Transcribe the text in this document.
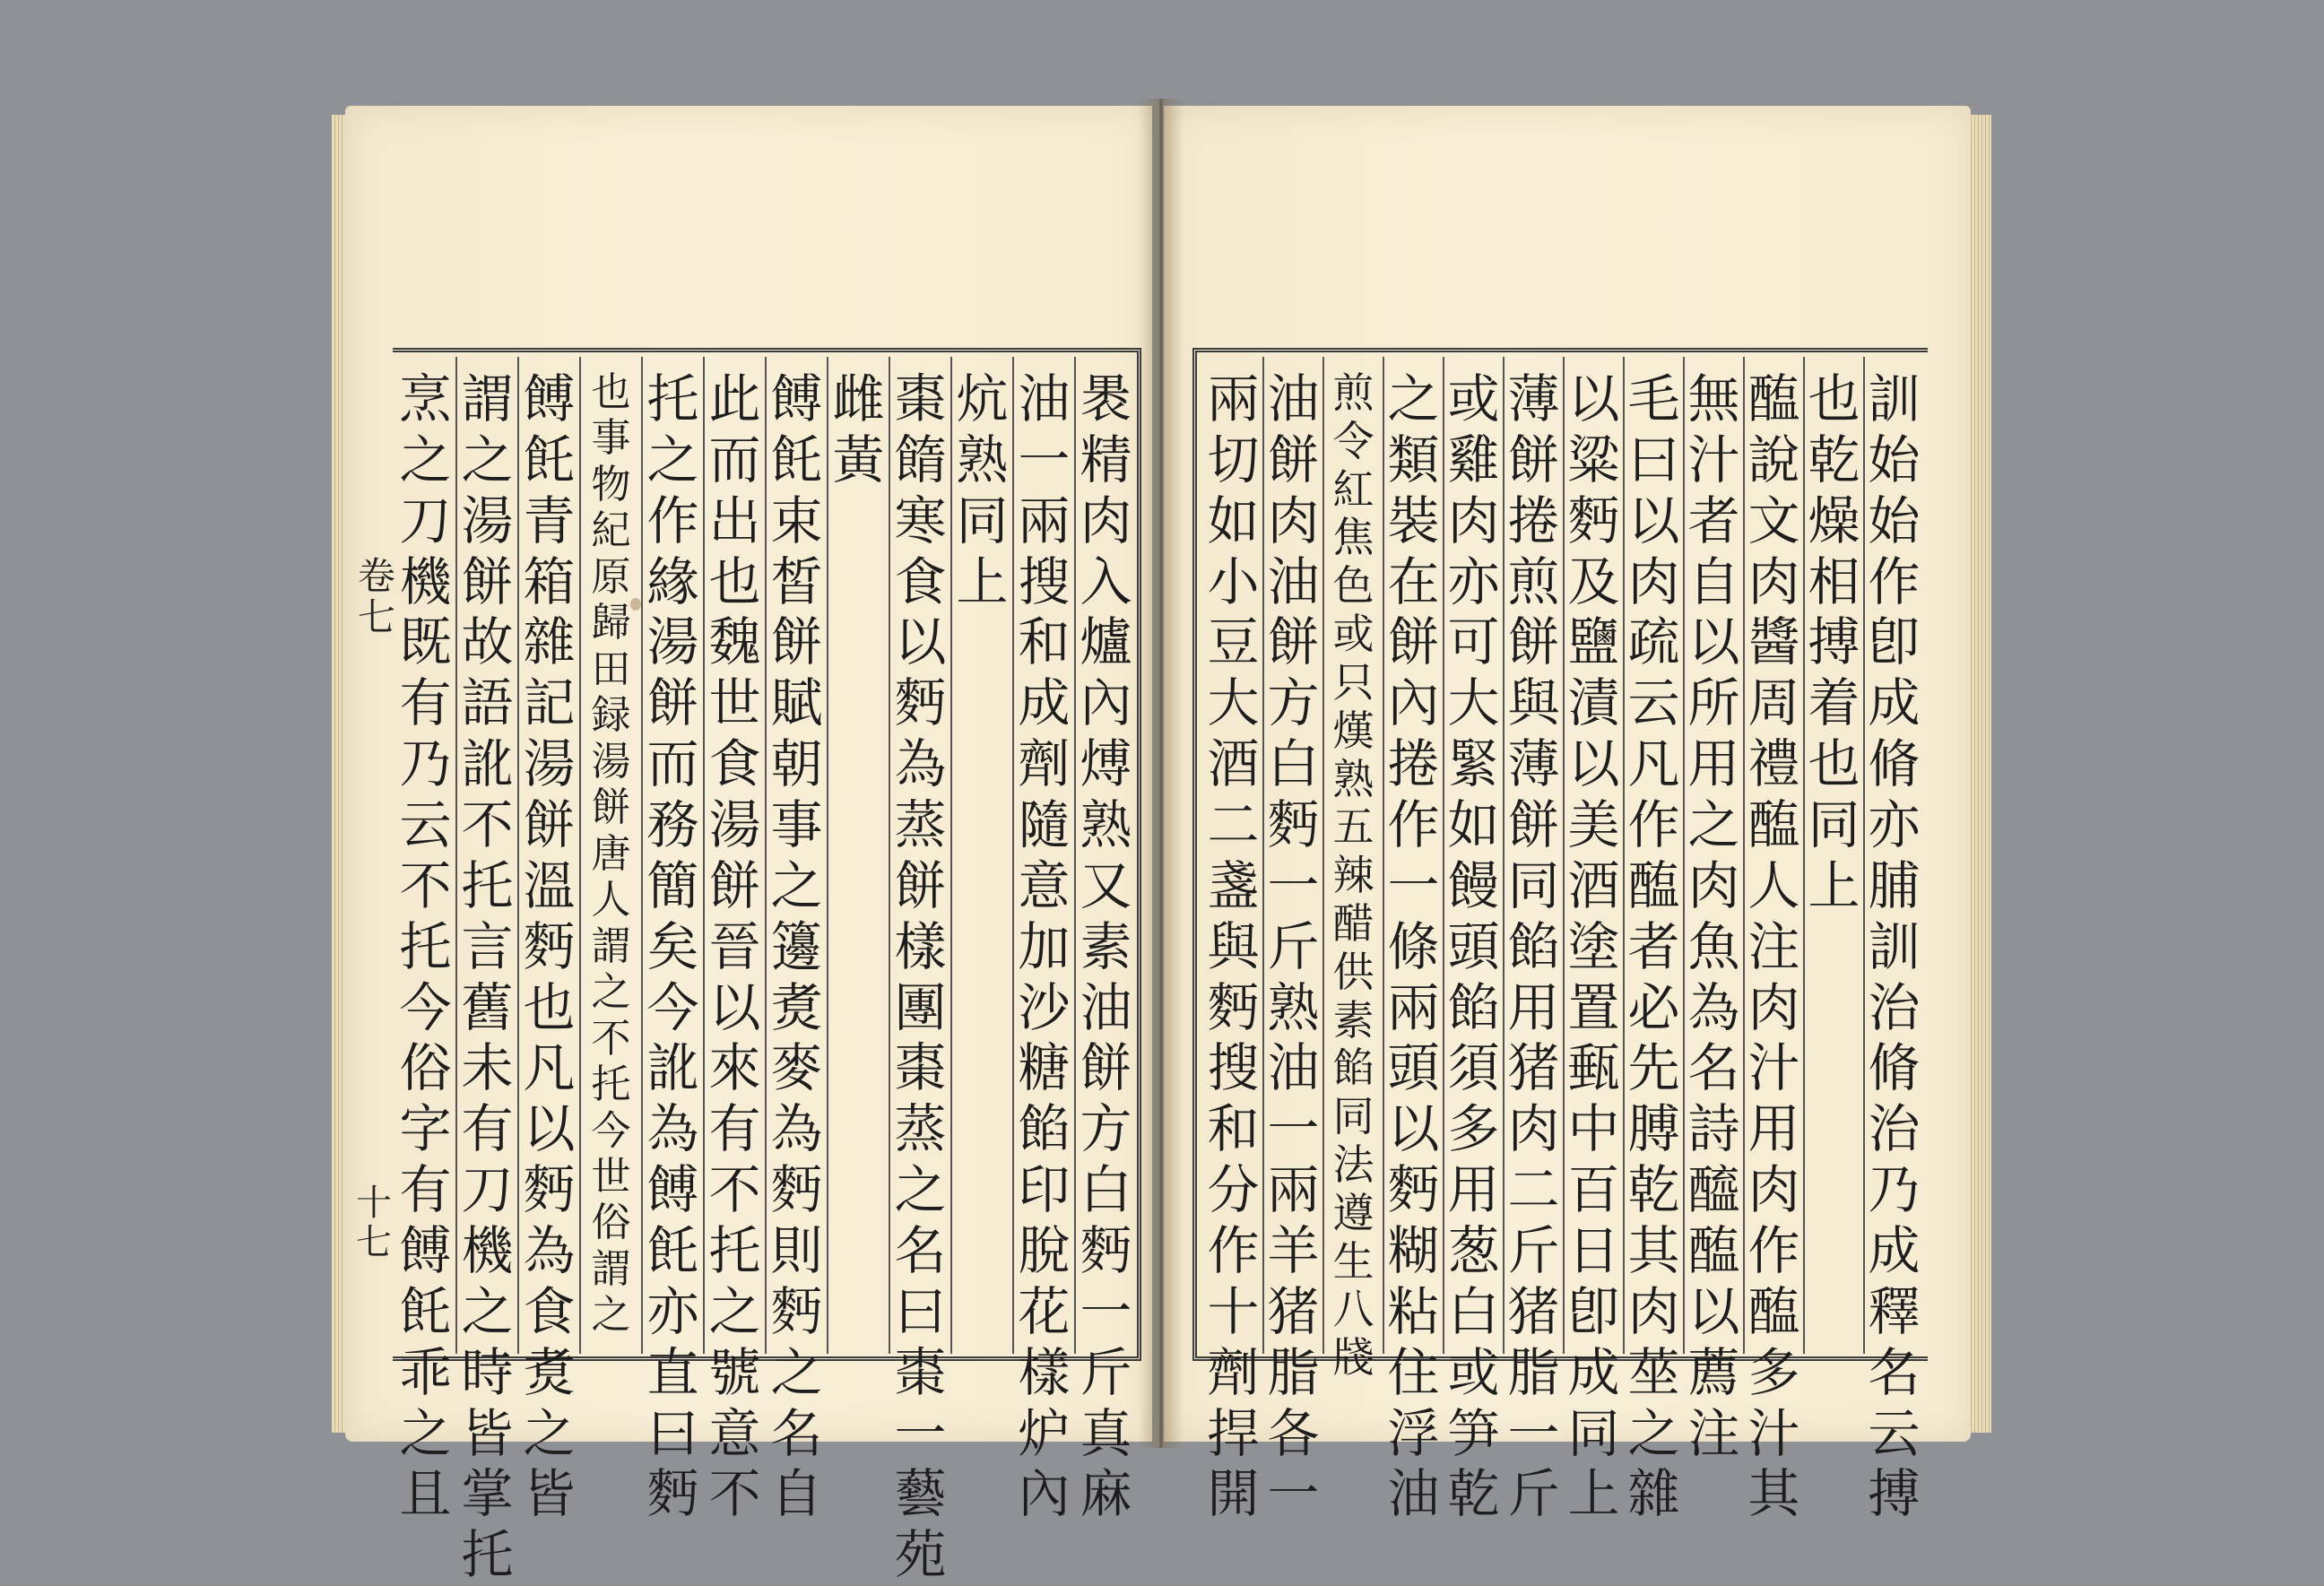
卷
七
十
七
褁
精
肉
入
爐
內
煿
熟
又
素
油
餅
方
白
麪
一
斤
真
麻
油
一
兩
搜
和
成
劑
隨
意
加
沙
糖
餡
印
脫
花
樣
炉
內
炕
熟
同
上
棗
䭉
寒
食
以
麪
為
蒸
餅
樣
團
棗
蒸
之
名
曰
棗
一
藝
苑
雌
黃
餺
飥
束
皙
餅
賦
朝
事
之
籩
煑
麥
為
麪
則
麪
之
名
自
此
而
出
也
魏
世
食
湯
餅
晉
以
來
有
不
托
之
號
意
不
托
之
作
緣
湯
餅
而
務
簡
矣
今
訛
為
餺
飥
亦
直
曰
麪
也
事
物
紀
原
歸
田
録
湯
餅
唐
人
謂
之
不
托
今
世
俗
謂
之
餺
飥
青
箱
雜
記
湯
餅
溫
麪
也
凡
以
麪
為
食
煑
之
皆
謂
之
湯
餅
故
語
訛
不
托
言
舊
未
有
刀
機
之
時
皆
掌
托
烹
之
刀
機
既
有
乃
云
不
托
今
俗
字
有
餺
飥
乖
之
且
訓
始
始
作
卽
成
脩
亦
脯
訓
治
脩
治
乃
成
釋
名
云
搏
也
乾
燥
相
搏
着
也
同
上
醢
說
文
肉
醬
周
禮
醢
人
注
肉
汁
用
肉
作
醢
多
汁
其
無
汁
者
自
以
所
用
之
肉
魚
為
名
詩
醯
醢
以
薦
注
毛
曰
以
肉
疏
云
凡
作
醢
者
必
先
膊
乾
其
肉
莝
之
雜
以
粱
麪
及
鹽
漬
以
美
酒
塗
置
甀
中
百
日
卽
成
同
上
薄
餅
捲
煎
餅
與
薄
餅
同
餡
用
猪
肉
二
斤
猪
脂
一
斤
或
雞
肉
亦
可
大
緊
如
饅
頭
餡
須
多
用
葱
白
或
笋
乾
之
類
裝
在
餅
內
捲
作
一
條
兩
頭
以
麪
糊
粘
住
浮
油
煎
令
紅
焦
色
或
只
熯
熟
五
辣
醋
供
素
餡
同
法
遵
生
八
牋
油
餅
肉
油
餅
方
白
麪
一
斤
熟
油
一
兩
羊
猪
脂
各
一
兩
切
如
小
豆
大
酒
二
盞
與
麪
搜
和
分
作
十
劑
捍
開
